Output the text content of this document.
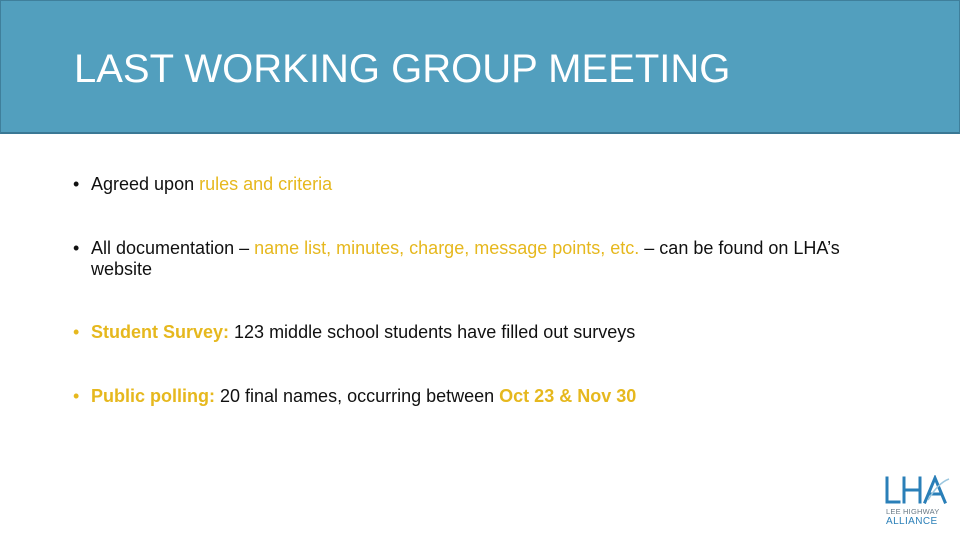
LAST WORKING GROUP MEETING
• Agreed upon rules and criteria
• All documentation – name list, minutes, charge, message points, etc. – can be found on LHA’s website
• Student Survey: 123 middle school students have filled out surveys
• Public polling: 20 final names, occurring between Oct 23 & Nov 30
LEE HIGHWAY
ALLIANCE
